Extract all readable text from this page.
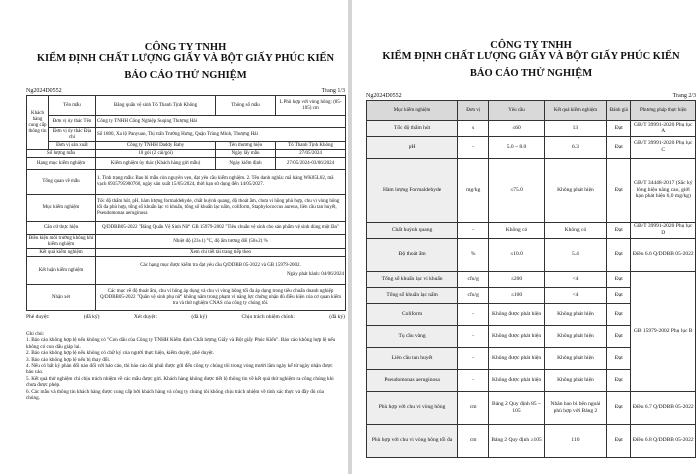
CÔNG TY TNHH
KIỂM ĐỊNH CHẤT LƯỢNG GIẤY VÀ BỘT GIẤY PHÚC KIẾN
BÁO CÁO THỬ NGHIỆM
Ng2024D0552	Trang 1/3
Khách hàng cung cấp thông tin	Tên mẫu	Băng quấn vệ sinh Tô Thanh Tịnh Không	Thông số mẫu	L Phù hợp với vòng hông: (85-105) cm
	Đơn vị ủy thác Tên	Công ty TNHH Công Nghiệp Suqing Thượng Hải		
	Đơn vị ủy thác Địa chỉ	Số 1800, Xa lộ Panyuan, Thị trấn Trường Hưng, Quận Trùng Minh, Thượng Hải		
	Đơn vị sản xuất	Công ty TNHH Daddy Baby	Tên thương hiệu	Tô Thanh Tịnh Không
Số lượng mẫu		10 gói (2 cái/gói)	Ngày lấy mẫu	27/05/2024
Hạng mục kiểm nghiệm		Kiểm nghiệm ủy thác (Khách hàng gửi mẫu)	Ngày kiểm định	27/05/2024-03/06/2024
Tổng quan về mẫu		1. Tình trạng mẫu: Bao bì mẫu còn nguyên vẹn, đạt yêu cầu kiểm nghiệm. 2. Tên danh nghĩa: mã hàng WK05L02, mã vạch 6935795900760, ngày sản xuất 15/05/2024, thời hạn sử dụng đến 14/05/2027.		
Mục kiểm nghiệm		Tốc độ thẩm hút, pH, hàm lượng formaldehyde, chất huỳnh quang, độ thoát ẩm, chưa vi hồng phù hợp, chu vi vòng hông tối đa phù hợp, tổng số khuẩn lạc vi khuẩn, tổng số khuẩn lạc nấm, coliform, Staphylococcus aureus, liên cầu tan huyết, Pseudomonas aeruginosa		
Căn cứ thực hiện		Q/DDBB05-2022 "Băng Quấn Vệ Sinh Nữ" GB 15979-2002 "Tiêu chuẩn vệ sinh cho sản phẩm vệ sinh dùng một lần"		
Điều kiện môi trường không khí kiểm nghiệm		Nhiệt độ (23±1) °C, độ ẩm tương đối (50±2) %		
Kết quả kiểm nghiệm		Xem chi tiết tài trang tiếp theo		
Kết luận kiểm nghiệm		Các hạng mục được kiểm tra đạt yêu cầu Q/DDBB 05-2022 và GB 15979-2002.
Ngày phát hành: 04/06/2024		

Nhận xét		Các mục về độ thoát ẩm, chu vi hông áp dụng và chu vi vòng hông tối đa áp dụng trong tiêu chuẩn doanh nghiệp Q/DDBB05-2022 "Quần vệ sinh phụ nữ" không nằm trong phạm vi năng lực chứng nhận đủ điều kiện của cơ quan kiểm tra và thử nghiệm CNAS của công ty chúng tôi.		
Phê duyệt:	(đã ký)	Xét duyệt:	(đã ký)	Chịu trách nhiệm chính:	(đã ký)
Ghi chú:
1. Báo cáo không hợp lệ nếu không có "Con dấu của Công ty TNHH Kiểm định Chất lượng Giấy và Bột giấy Phúc Kiến". Báo cáo không hợp lệ nếu không có con dấu giáp lai.
2. Báo cáo không hợp lệ nếu không có chữ ký của người thực hiện, kiểm duyệt, phê duyệt.
3. Báo cáo không hợp lệ nếu bị thay đổi.
4. Nếu có bất kỳ phản đối nào đối với báo cáo, thì báo cáo đó phải được gửi đến công ty chúng tôi trong vòng mười lăm ngày kể từ ngày nhận được báo cáo.
5. Kết quả thử nghiệm chỉ chịu trách nhiệm về các mẫu được gửi. Khách hàng không được tiết lộ thông tin về kết quả thử nghiệm ra công chúng khi chưa được phép.
6. Các mẫu và thông tin khách hàng được cung cấp bởi khách hàng và công ty chúng tôi không chịu trách nhiệm về tính xác thực và đầy đủ của chúng.
CÔNG TY TNHH
KIỂM ĐỊNH CHẤT LƯỢNG GIẤY VÀ BỘT GIẤY PHÚC KIẾN
BÁO CÁO THỬ NGHIỆM
Ng2024D0552	Trang 2/3
Mục kiểm nghiệm	Đơn vị	Yêu cầu	Kết quả kiểm nghiệm	Đánh giá	Phương pháp thực hiện
Tốc độ thẩm hút	s	≤60	13	Đạt	GB/T 39991-2020 Phụ lục A
pH	-	5.0 ~ 8.0	6.3	Đạt	GB/T 39991-2020 Phụ lục C
Hàm lượng Formaldehyde	mg/kg	≤75.0	Không phát hiện	Đạt	GB/T 34448-2017 (Sắc ký lỏng hiệu năng cao, giới hạn phát hiện 6,0 mg/kg)
Chất huỳnh quang	-	Không có	Không có	Đạt	GB/T 39991-2020 Phụ lục D
Độ thoát ẩm	%	≤10.0	5.4	Đạt	Điều 6.6 Q/DDBB 05-2022
Tổng số khuẩn lạc vi khuẩn	cfu/g	≤200	<4	Đạt	GB 15979-2002 Phụ lục B
Tổng số khuẩn lạc nấm	cfu/g	≤100	<4	Đạt	
Coliform	-	Không được phát hiện	Không phát hiện	Đạt	
Tụ cầu vàng	-	Không được phát hiện	Không phát hiện	Đạt	
Liên cầu tan huyết	-	Không được phát hiện	Không phát hiện	Đạt	
Pseudomonas aeruginosa	-	Không được phát hiện	Không phát hiện	Đạt	
Phù hợp với chu vi vòng hông	cm	Bảng 2 Quy định 85 ~ 105	Nhãn bao bì bên ngoài phù hợp với Bảng 2	Đạt	Điều 6.7 Q/DDBB 05-2022
Phù hợp với chu vi vòng hông tối đa	cm	Bảng 2 Quy định ≥105	110	Đạt	Điều 6.8 Q/DDBB 05-2022
